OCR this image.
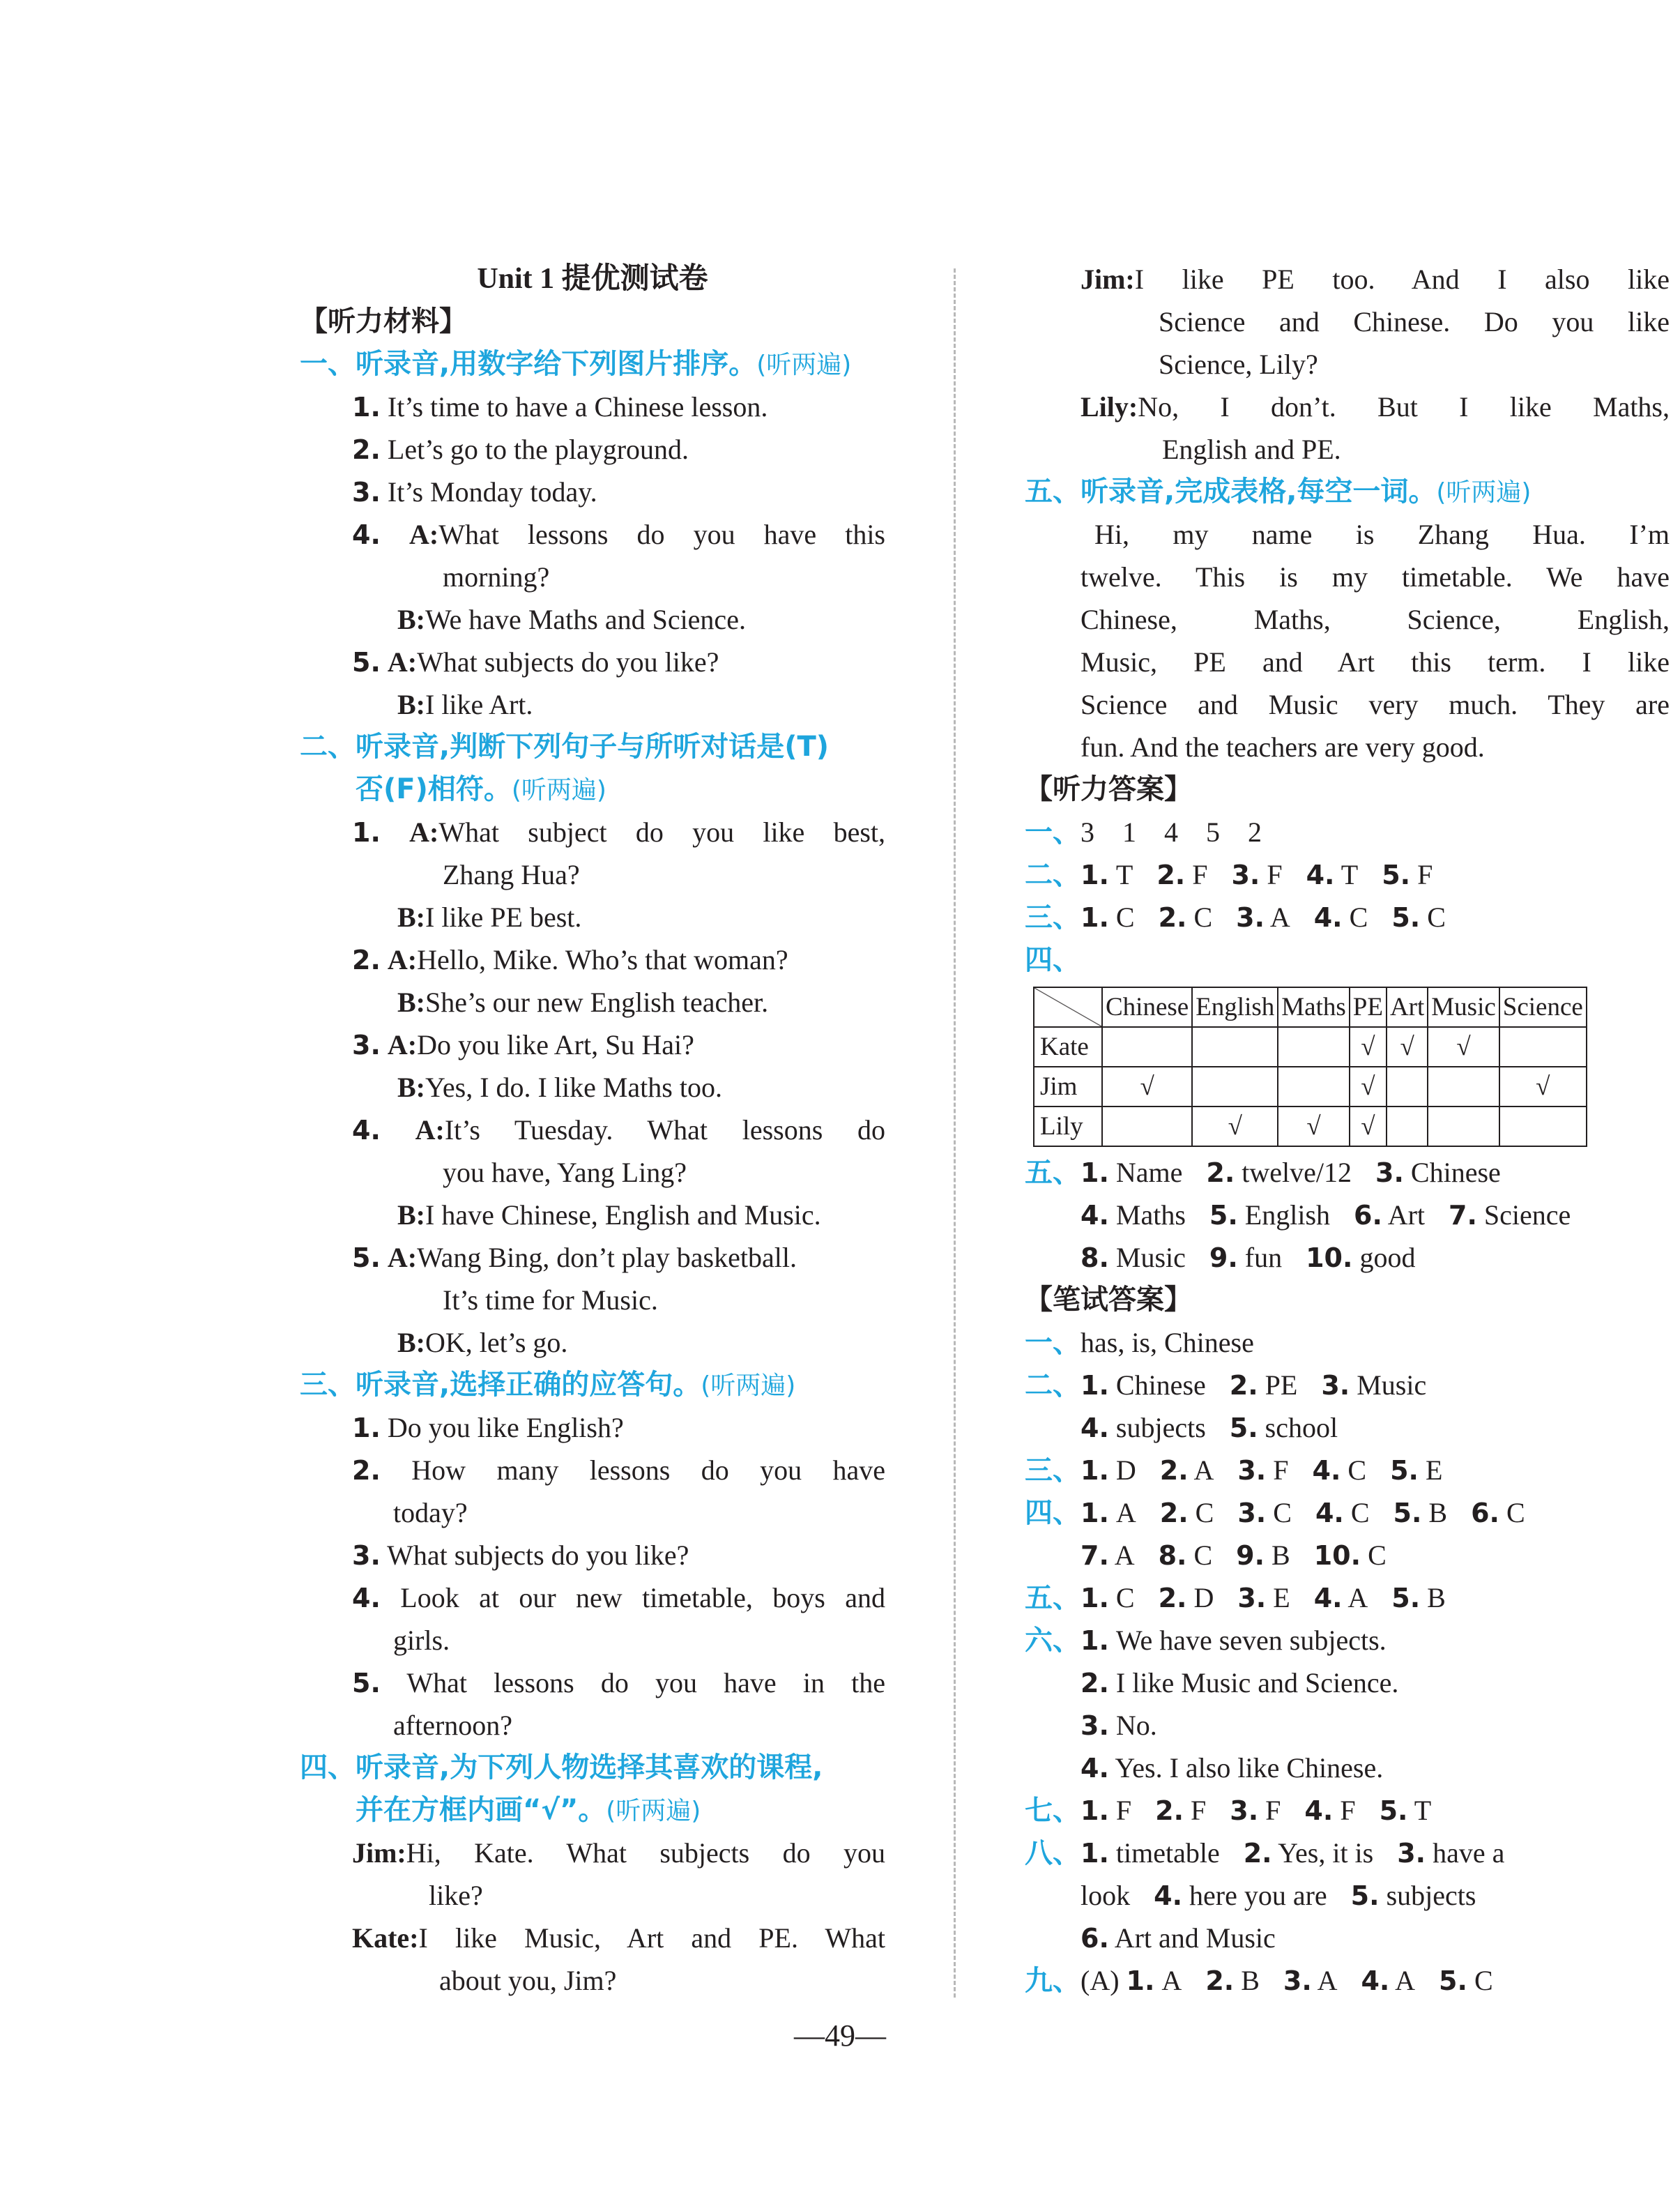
Unit 1 提优测试卷
【听力材料】
一、听录音,用数字给下列图片排序。(听两遍)
1. It’s time to have a Chinese lesson.
2. Let’s go to the playground.
3. It’s Monday today.
4. A:What lessons do you have this
morning?
B:We have Maths and Science.
5. A:What subjects do you like?
B:I like Art.
二、听录音,判断下列句子与所听对话是(T)
否(F)相符。(听两遍)
1. A:What subject do you like best,
Zhang Hua?
B:I like PE best.
2. A:Hello, Mike. Who’s that woman?
B:She’s our new English teacher.
3. A:Do you like Art, Su Hai?
B:Yes, I do. I like Maths too.
4. A:It’s Tuesday. What lessons do
you have, Yang Ling?
B:I have Chinese, English and Music.
5. A:Wang Bing, don’t play basketball.
It’s time for Music.
B:OK, let’s go.
三、听录音,选择正确的应答句。(听两遍)
1. Do you like English?
2. How many lessons do you have
today?
3. What subjects do you like?
4. Look at our new timetable, boys and
girls.
5. What lessons do you have in the
afternoon?
四、听录音,为下列人物选择其喜欢的课程,
并在方框内画“√”。(听两遍)
Jim:Hi, Kate. What subjects do you
like?
Kate:I like Music, Art and PE. What
about you, Jim?
Jim:I like PE too. And I also like
Science and Chinese. Do you like
Science, Lily?
Lily:No, I don’t. But I like Maths,
English and PE.
五、听录音,完成表格,每空一词。(听两遍)
Hi, my name is Zhang Hua. I’m
twelve. This is my timetable. We have
Chinese, Maths, Science, English,
Music, PE and Art this term. I like
Science and Music very much. They are
fun. And the teachers are very good.
【听力答案】
一、3　1　4　5　2
二、1. T 2. F 3. F 4. T 5. F
三、1. C 2. C 3. A 4. C 5. C
四、
	Chinese	English	Maths	PE	Art	Music	Science
Kate				√	√	√	
Jim	√			√			√
Lily		√	√	√			
五、1. Name 2. twelve/12 3. Chinese
4. Maths 5. English 6. Art 7. Science
8. Music 9. fun 10. good
【笔试答案】
一、has, is, Chinese
二、1. Chinese 2. PE 3. Music
4. subjects 5. school
三、1. D 2. A 3. F 4. C 5. E
四、1. A 2. C 3. C 4. C 5. B 6. C
7. A 8. C 9. B 10. C
五、1. C 2. D 3. E 4. A 5. B
六、1. We have seven subjects.
2. I like Music and Science.
3. No.
4. Yes. I also like Chinese.
七、1. F 2. F 3. F 4. F 5. T
八、1. timetable 2. Yes, it is 3. have a
look 4. here you are 5. subjects
6. Art and Music
九、(A) 1. A 2. B 3. A 4. A 5. C
—49—
